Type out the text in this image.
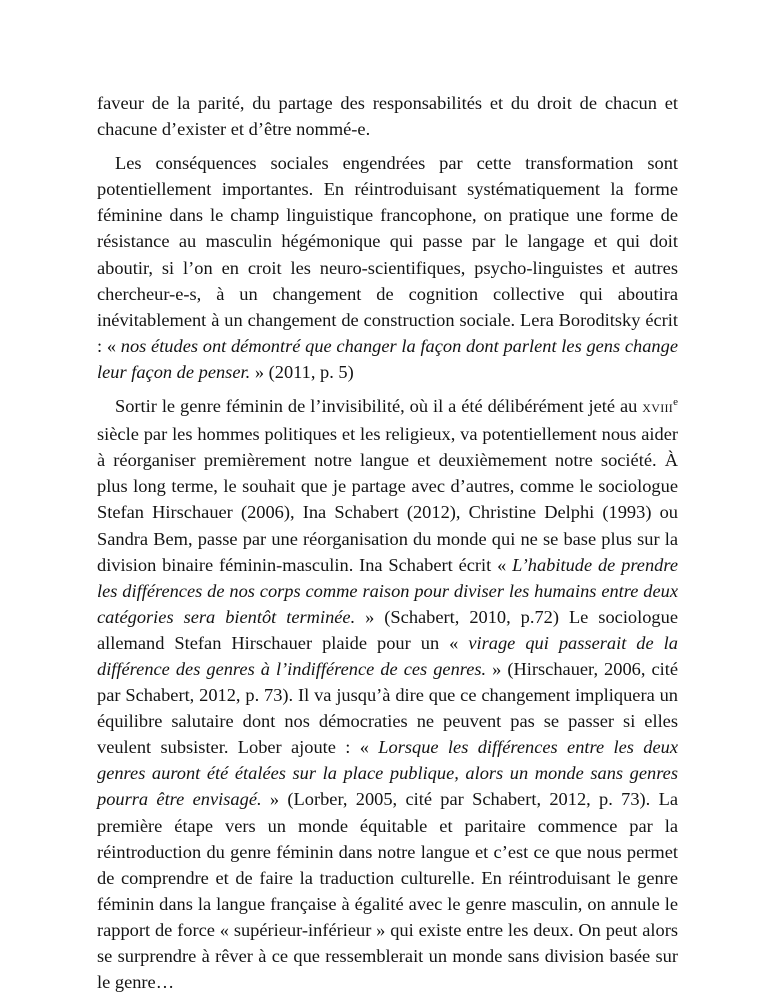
faveur de la parité, du partage des responsabilités et du droit de chacun et chacune d’exister et d’être nommé-e.

Les conséquences sociales engendrées par cette transformation sont potentiellement importantes. En réintroduisant systématiquement la forme féminine dans le champ linguistique francophone, on pratique une forme de résistance au masculin hégémonique qui passe par le langage et qui doit aboutir, si l’on en croit les neuro-scientifiques, psycho-linguistes et autres chercheur-e-s, à un changement de cognition collective qui aboutira inévitablement à un changement de construction sociale. Lera Boroditsky écrit : « nos études ont démontré que changer la façon dont parlent les gens change leur façon de penser. » (2011, p. 5)

Sortir le genre féminin de l’invisibilité, où il a été délibérément jeté au XVIIIe siècle par les hommes politiques et les religieux, va potentiellement nous aider à réorganiser premièrement notre langue et deuxièmement notre société. À plus long terme, le souhait que je partage avec d’autres, comme le sociologue Stefan Hirschauer (2006), Ina Schabert (2012), Christine Delphi (1993) ou Sandra Bem, passe par une réorganisation du monde qui ne se base plus sur la division binaire féminin-masculin. Ina Schabert écrit « L’habitude de prendre les différences de nos corps comme raison pour diviser les humains entre deux catégories sera bientôt terminée. » (Schabert, 2010, p.72) Le sociologue allemand Stefan Hirschauer plaide pour un « virage qui passerait de la différence des genres à l’indifférence de ces genres. » (Hirschauer, 2006, cité par Schabert, 2012, p. 73). Il va jusqu’à dire que ce changement impliquera un équilibre salutaire dont nos démocraties ne peuvent pas se passer si elles veulent subsister. Lober ajoute : « Lorsque les différences entre les deux genres auront été étalées sur la place publique, alors un monde sans genres pourra être envisagé. » (Lorber, 2005, cité par Schabert, 2012, p. 73). La première étape vers un monde équitable et paritaire commence par la réintroduction du genre féminin dans notre langue et c’est ce que nous permet de comprendre et de faire la traduction culturelle. En réintroduisant le genre féminin dans la langue française à égalité avec le genre masculin, on annule le rapport de force « supérieur-inférieur » qui existe entre les deux. On peut alors se surprendre à rêver à ce que ressemblerait un monde sans division basée sur le genre…
